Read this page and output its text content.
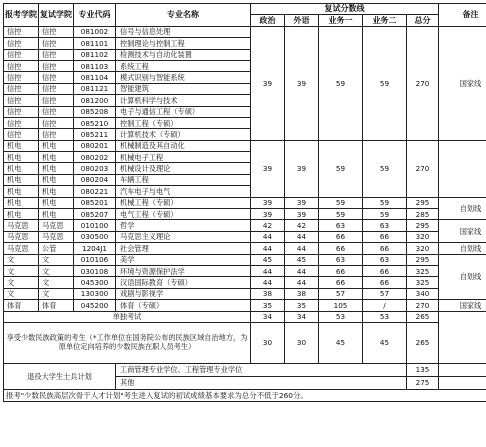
报考学院	复试学院	专业代码	专业名称	复试分数线					备注
				政治	外语	业务一	业务二	总分	
信控	信控	081002	信号与信息处理	39	39	59	59	270	国家线
信控	信控	081101	控制理论与控制工程						
信控	信控	081102	检测技术与自动化装置						
信控	信控	081103	系统工程						
信控	信控	081104	模式识别与智能系统						
信控	信控	081121	智能建筑						
信控	信控	081200	计算机科学与技术						
信控	信控	085208	电子与通信工程（专硕）						
信控	信控	085210	控制工程（专硕）						
信控	信控	085211	计算机技术（专硕）						
机电	机电	080201	机械制造及其自动化	39	39	59	59	270	
机电	机电	080202	机械电子工程						
机电	机电	080203	机械设计及理论						
机电	机电	080204	车辆工程						
机电	机电	080221	汽车电子与电气						
机电	机电	085201	机械工程（专硕）	39	39	59	59	295	自划线
机电	机电	085207	电气工程（专硕）	39	39	59	59	285	
马克思	马克思	010100	哲学	42	42	63	63	295	国家线
马克思	马克思	030500	马克思主义理论	44	44	66	66	320	
马克思	公管	1204J1	社会管理	44	44	66	66	320	自划线
文	文	010106	美学	45	45	63	63	295	自划线
文	文	030108	环境与资源保护法学	44	44	66	66	325	
文	文	045300	汉语国际教育（专硕）	44	44	66	66	325	
文	文	130300	戏剧与影视学	38	38	57	57	340	
体育	体育	045200	体育（专硕）	35	35	105	/	270	国家线
单独考试				34	34	53	53	265	
享受少数民族政策的考生（*工作单位在国务院公布的民族区域自治地方，为原单位定向培养的少数民族在职人员考生）				30	30	45	45	265	
退役大学生士兵计划			工商管理专业学位、工程管理专业学位					135	
			其他					275	
报考"少数民族高层次骨干人才计划"考生进入复试的初试成绩基本要求为总分不低于260分。									
